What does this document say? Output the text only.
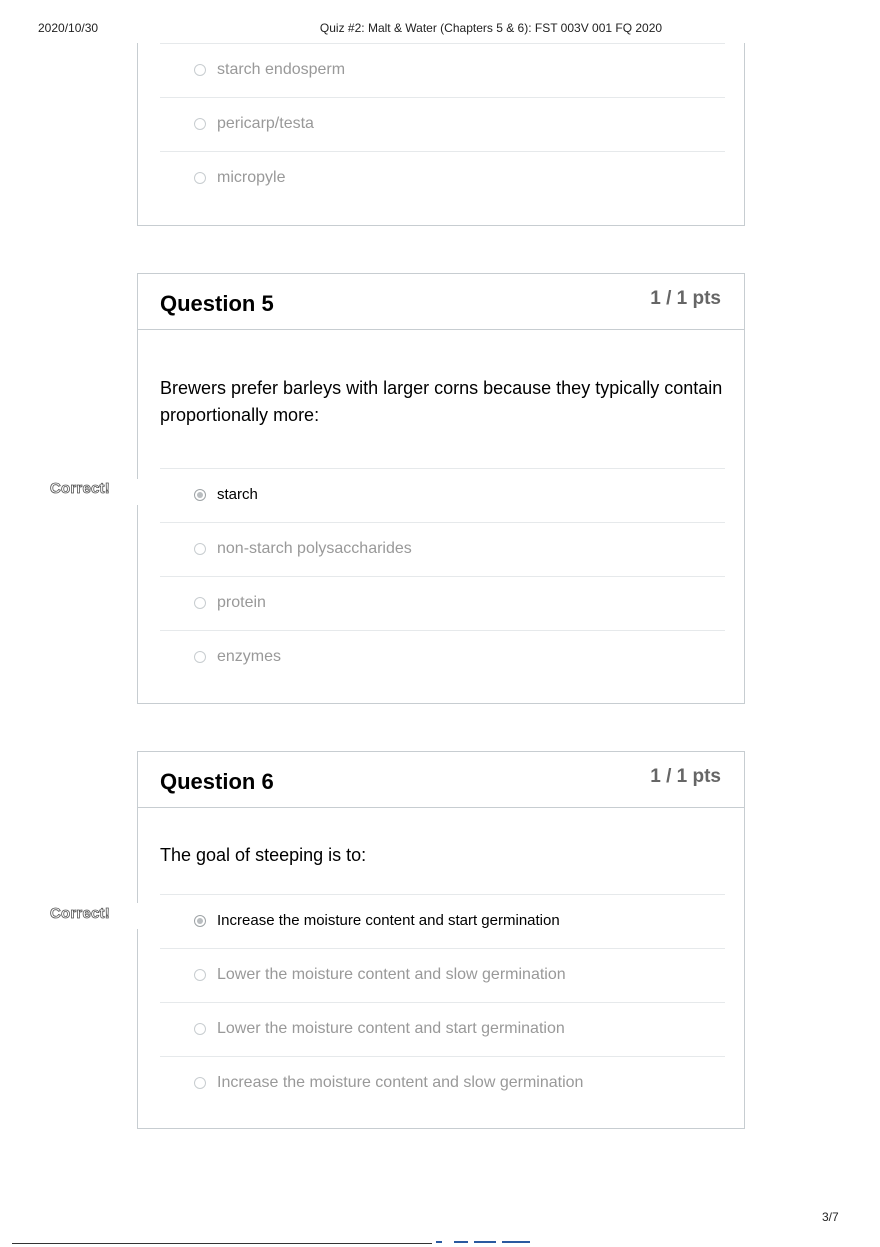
2020/10/30	Quiz #2: Malt & Water (Chapters 5 & 6): FST 003V 001 FQ 2020
starch endosperm
pericarp/testa
micropyle
Question 5	1 / 1 pts
Brewers prefer barleys with larger corns because they typically contain proportionally more:
starch
non-starch polysaccharides
protein
enzymes
Correct!
Question 6	1 / 1 pts
The goal of steeping is to:
Increase the moisture content and start germination
Lower the moisture content and slow germination
Lower the moisture content and start germination
Increase the moisture content and slow germination
Correct!
3/7
